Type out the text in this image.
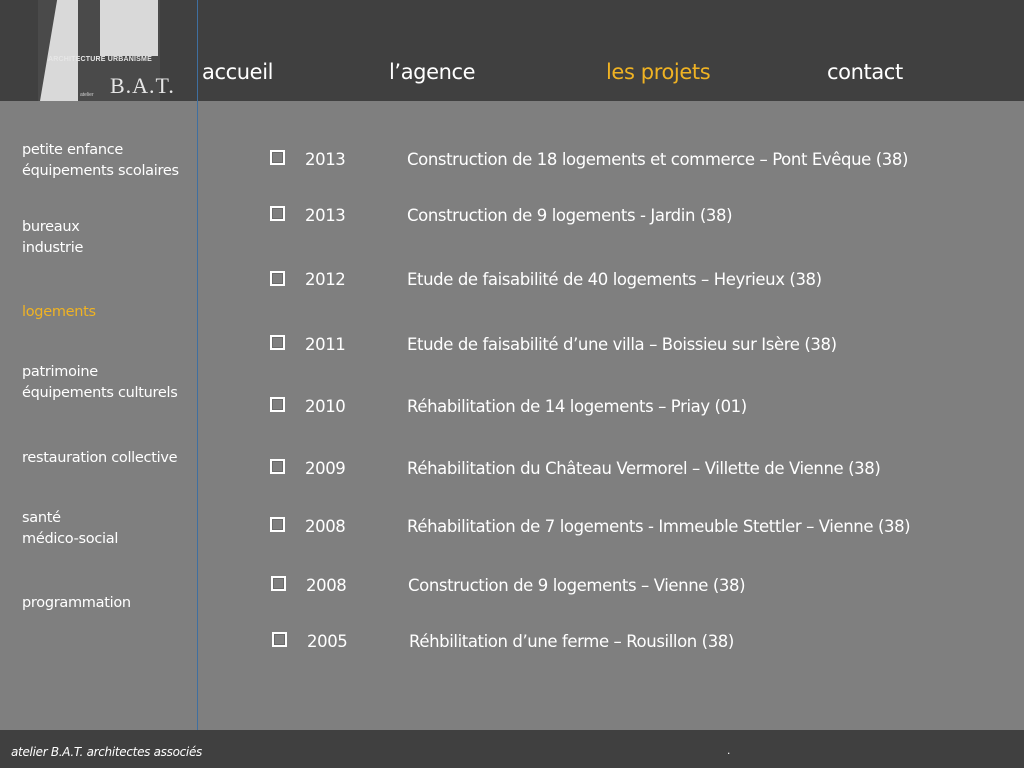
ARCHITECTURE URBANISME
atelier B.A.T.
accueil	l’agence	les projets	contact
petite enfance
équipements scolaires
bureaux
industrie
logements
patrimoine
équipements culturels
restauration collective
santé
médico-social
programmation
2013	Construction de 18 logements et commerce – Pont Evêque (38)
2013	Construction de 9 logements - Jardin (38)
2012	Etude de faisabilité de 40 logements – Heyrieux (38)
2011	Etude de faisabilité d’une villa – Boissieu sur Isère (38)
2010	Réhabilitation de 14 logements – Priay (01)
2009	Réhabilitation du Château Vermorel – Villette de Vienne (38)
2008	Réhabilitation de 7 logements - Immeuble Stettler – Vienne (38)
2008	Construction de 9 logements – Vienne (38)
2005	Réhbilitation d’une ferme – Rousillon (38)
atelier B.A.T. architectes associés	.
